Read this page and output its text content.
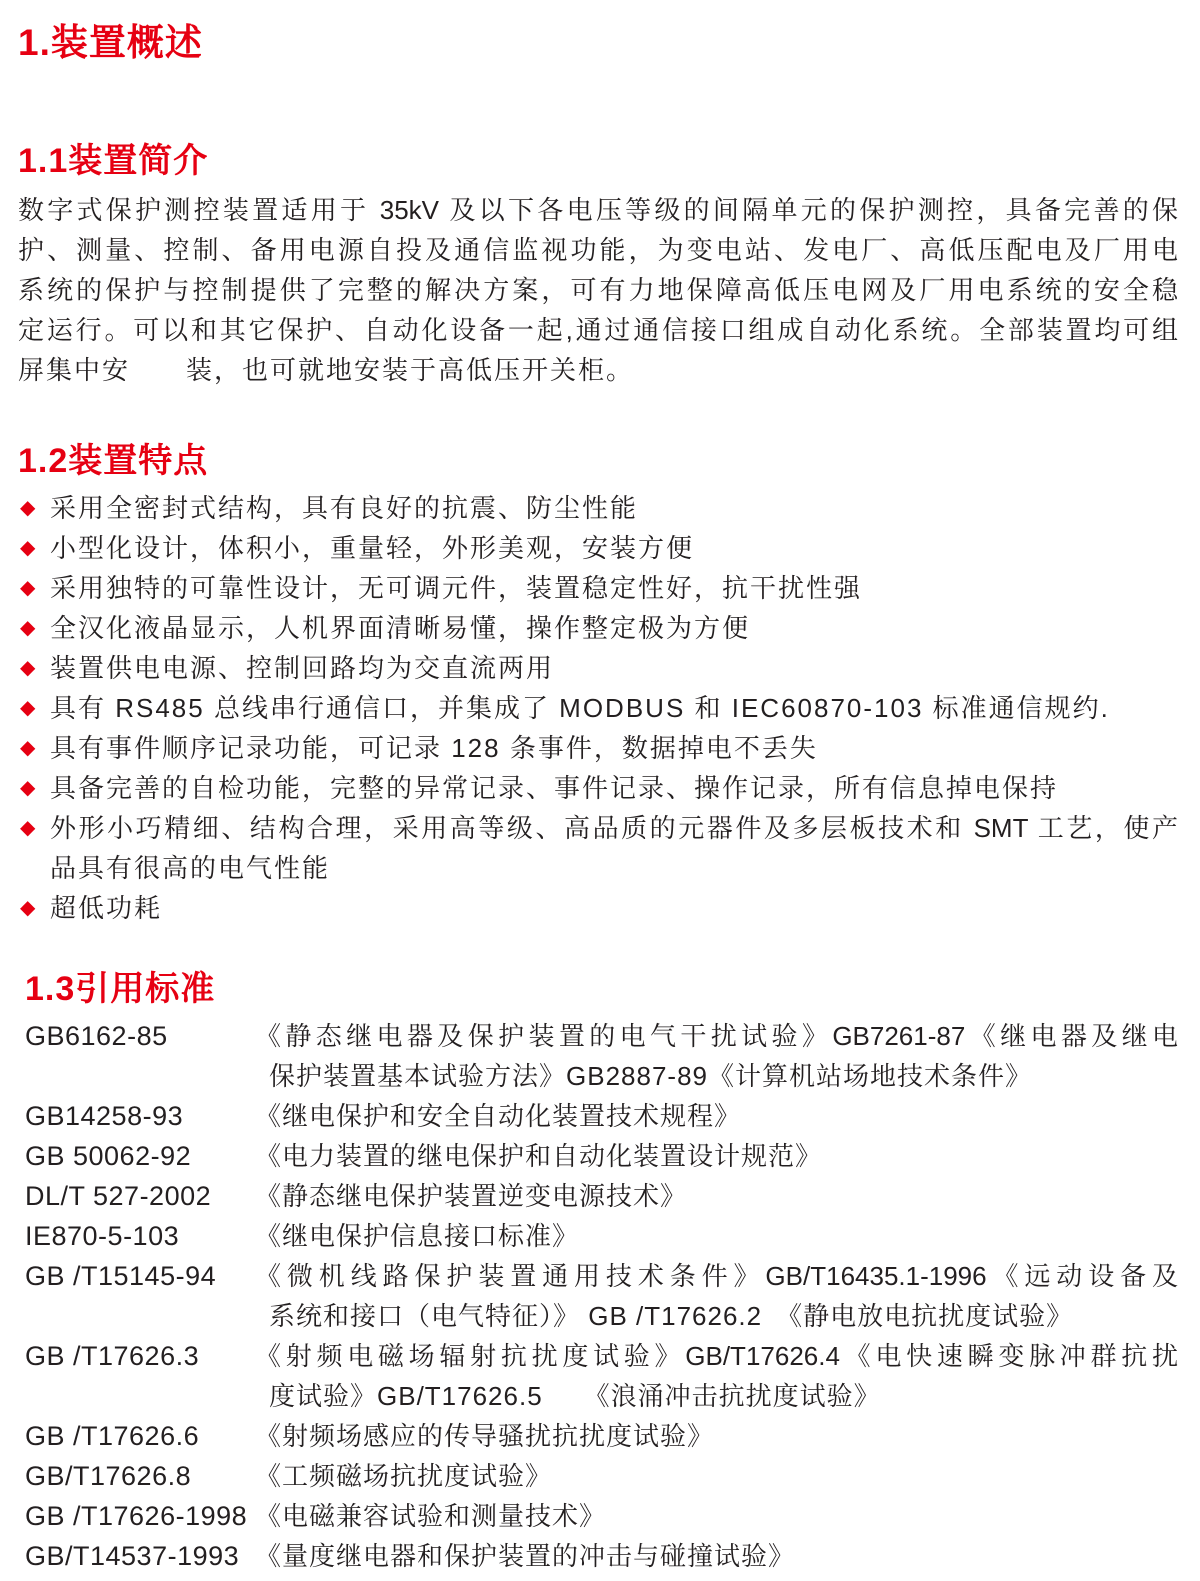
1.装置概述
1.1装置简介
数字式保护测控装置适用于 35kV 及以下各电压等级的间隔单元的保护测控，具备完善的保
护、测量、控制、备用电源自投及通信监视功能，为变电站、发电厂、高低压配电及厂用电
系统的保护与控制提供了完整的解决方案，可有力地保障高低压电网及厂用电系统的安全稳
定运行。可以和其它保护、自动化设备一起,通过通信接口组成自动化系统。全部装置均可组
屏集中安　　装，也可就地安装于高低压开关柜。
1.2装置特点
◆ 采用全密封式结构，具有良好的抗震、防尘性能
◆ 小型化设计，体积小，重量轻，外形美观，安装方便
◆ 采用独特的可靠性设计，无可调元件，装置稳定性好，抗干扰性强
◆ 全汉化液晶显示，人机界面清晰易懂，操作整定极为方便
◆ 装置供电电源、控制回路均为交直流两用
◆ 具有 RS485 总线串行通信口，并集成了 MODBUS 和 IEC60870-103 标准通信规约.
◆ 具有事件顺序记录功能，可记录 128 条事件，数据掉电不丢失
◆ 具备完善的自检功能，完整的异常记录、事件记录、操作记录，所有信息掉电保持
◆ 外形小巧精细、结构合理，采用高等级、高品质的元器件及多层板技术和 SMT 工艺，使产
品具有很高的电气性能
◆ 超低功耗
1.3引用标准
GB6162-85	《静态继电器及保护装置的电气干扰试验》GB7261-87《继电器及继电
保护装置基本试验方法》GB2887-89《计算机站场地技术条件》
GB14258-93	《继电保护和安全自动化装置技术规程》
GB 50062-92	《电力装置的继电保护和自动化装置设计规范》
DL/T 527-2002	《静态继电保护装置逆变电源技术》
IE870-5-103	《继电保护信息接口标准》
GB /T15145-94	《微机线路保护装置通用技术条件》GB/T16435.1-1996《远动设备及
系统和接口（电气特征）》 GB /T17626.2　《静电放电抗扰度试验》
GB /T17626.3	《射频电磁场辐射抗扰度试验》GB/T17626.4《电快速瞬变脉冲群抗扰
度试验》GB/T17626.5　　《浪涌冲击抗扰度试验》
GB /T17626.6	《射频场感应的传导骚扰抗扰度试验》
GB/T17626.8	《工频磁场抗扰度试验》
GB /T17626-1998 《电磁兼容试验和测量技术》
GB/T14537-1993 《量度继电器和保护装置的冲击与碰撞试验》
